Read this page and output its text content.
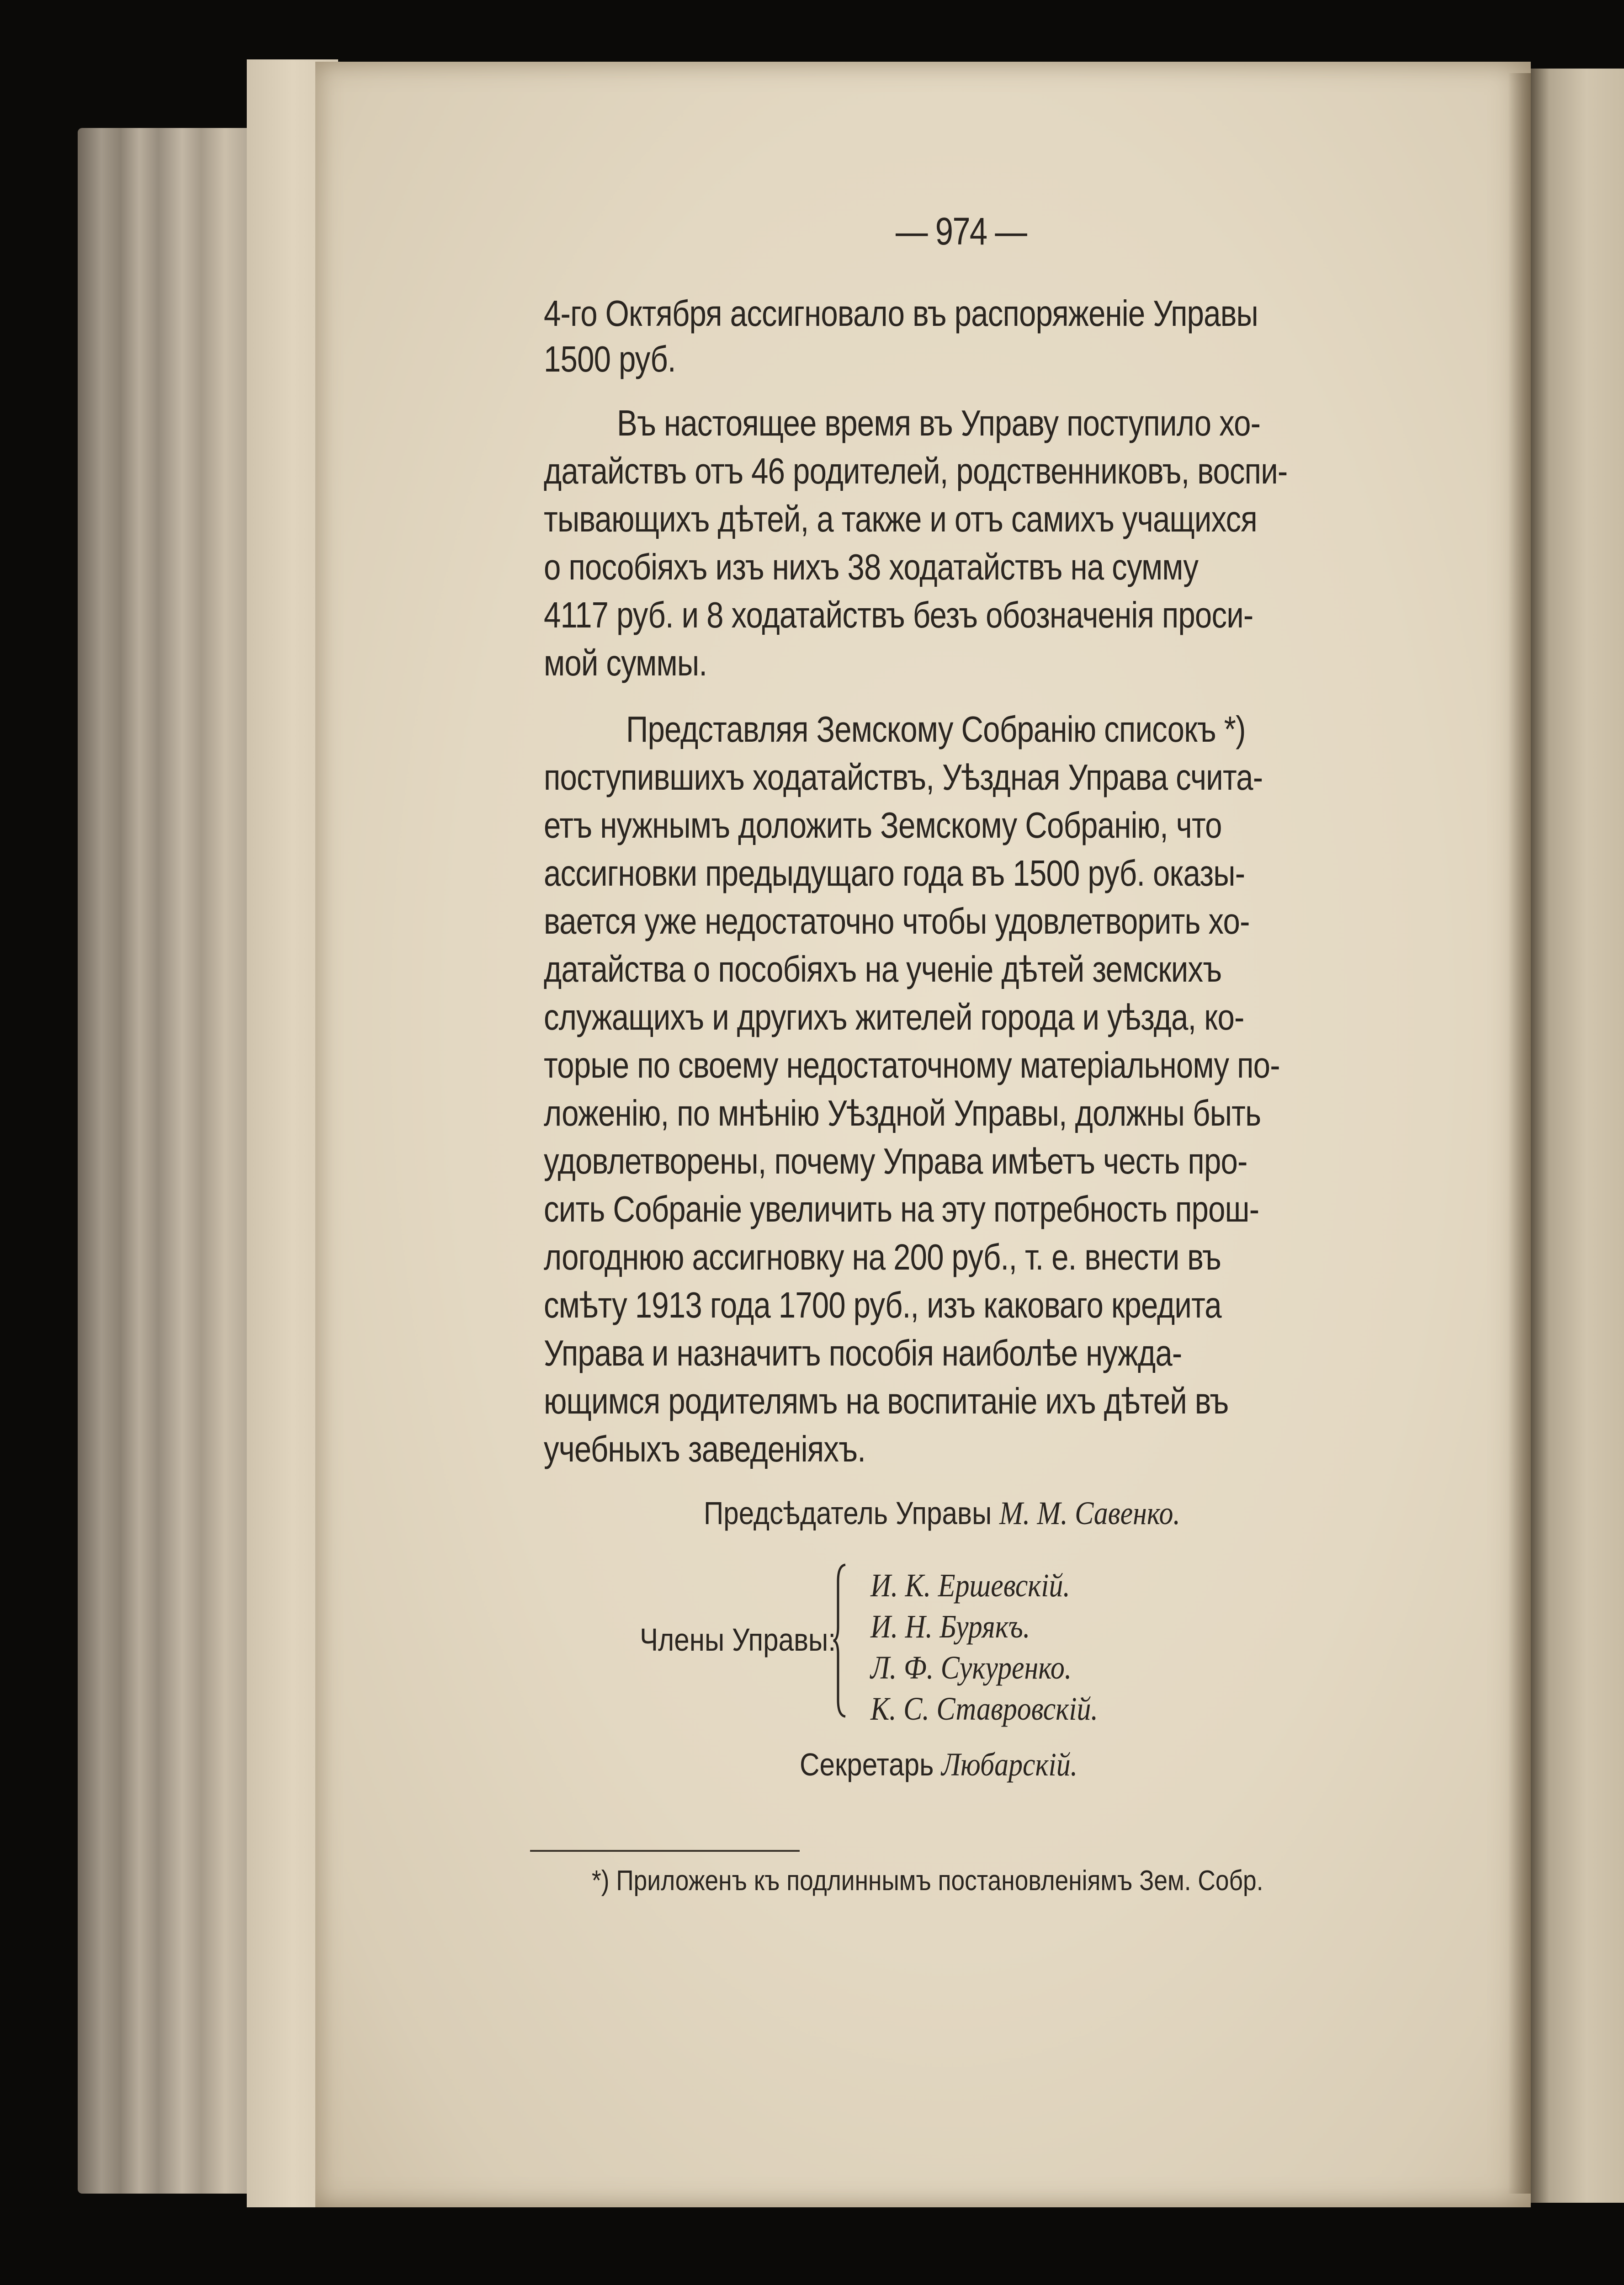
— 974 —
4-го Октября ассигновало въ распоряженіе Управы
1500 руб.
Въ настоящее время въ Управу поступило хо-
датайствъ отъ 46 родителей, родственниковъ, воспи-
тывающихъ дѣтей, а также и отъ самихъ учащихся
о пособіяхъ изъ нихъ 38 ходатайствъ на сумму
4117 руб. и 8 ходатайствъ безъ обозначенія проси-
мой суммы.
Представляя Земскому Собранію списокъ *)
поступившихъ ходатайствъ, Уѣздная Управа счита-
етъ нужнымъ доложить Земскому Собранію, что
ассигновки предыдущаго года въ 1500 руб. оказы-
вается уже недостаточно чтобы удовлетворить хо-
датайства о пособіяхъ на ученіе дѣтей земскихъ
служащихъ и другихъ жителей города и уѣзда, ко-
торые по своему недостаточному матеріальному по-
ложенію, по мнѣнію Уѣздной Управы, должны быть
удовлетворены, почему Управа имѣетъ честь про-
сить Собраніе увеличить на эту потребность прош-
логоднюю ассигновку на 200 руб., т. е. внести въ
смѣту 1913 года 1700 руб., изъ каковаго кредита
Управа и назначитъ пособія наиболѣе нужда-
ющимся родителямъ на воспитаніе ихъ дѣтей въ
учебныхъ заведеніяхъ.
Предсѣдатель Управы М. М. Савенко.
Члены Управы:
И. К. Ершевскій.
И. Н. Бурякъ.
Л. Ф. Сукуренко.
К. С. Ставровскій.
Секретарь Любарскій.
*) Приложенъ къ подлиннымъ постановленіямъ Зем. Собр.
